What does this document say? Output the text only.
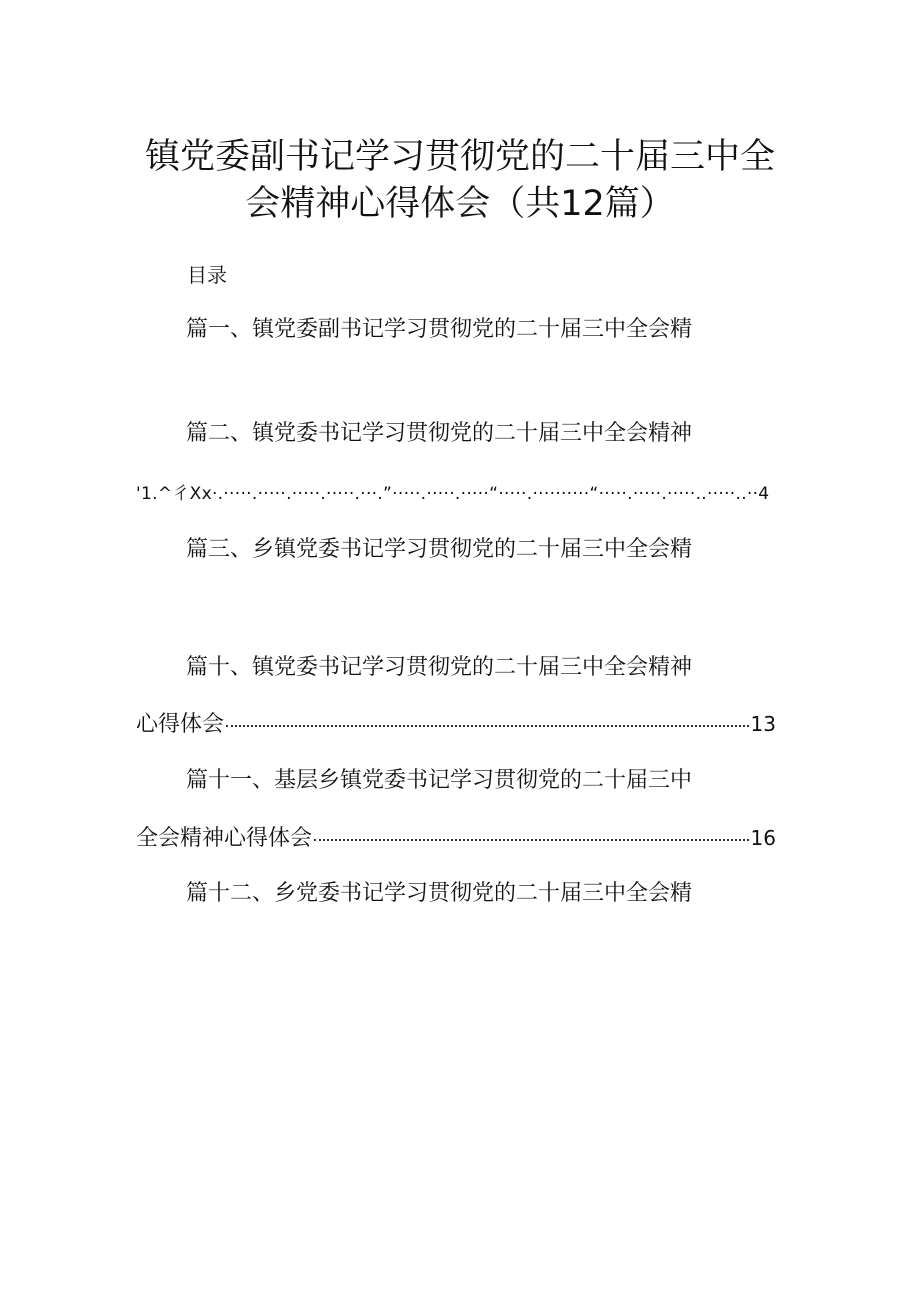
镇党委副书记学习贯彻党的二十届三中全
会精神心得体会（共12篇）
目录
篇一、镇党委副书记学习贯彻党的二十届三中全会精
篇二、镇党委书记学习贯彻党的二十届三中全会精神
'1.^彳Xx·.·····.·····.·····.·····.···.”·····.·····.·····“·····.··········“·····.·····.·····..·····..··4
篇三、乡镇党委书记学习贯彻党的二十届三中全会精
篇十、镇党委书记学习贯彻党的二十届三中全会精神
心得体会	13
篇十一、基层乡镇党委书记学习贯彻党的二十届三中
全会精神心得体会	16
篇十二、乡党委书记学习贯彻党的二十届三中全会精
